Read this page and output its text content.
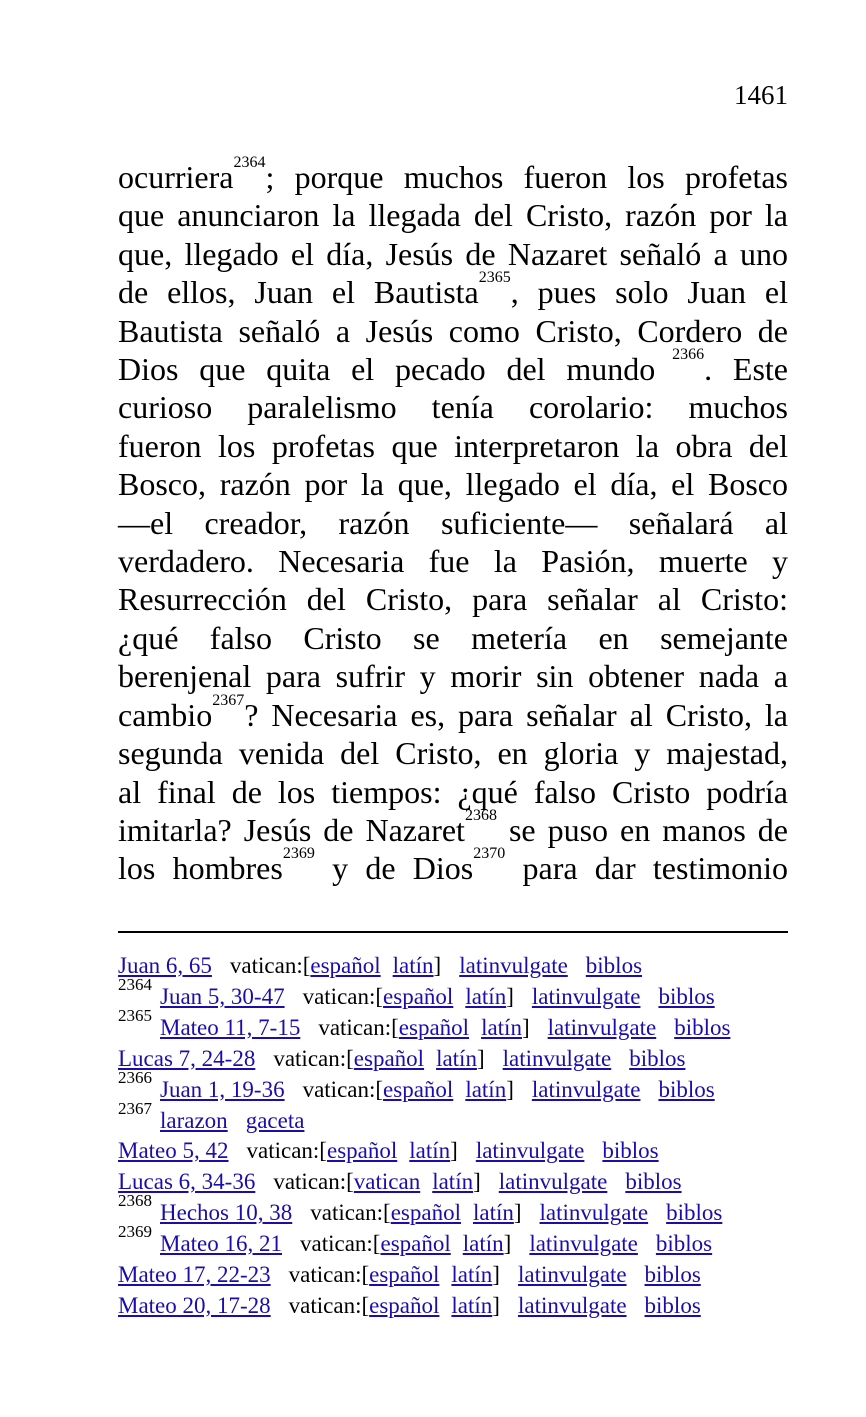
1461
ocurriera$^{2364}$; porque muchos fueron los profetas
que anunciaron la llegada del Cristo, razón por la
que, llegado el día, Jesús de Nazaret señaló a uno
de ellos, Juan el Bautista$^{2365}$, pues solo Juan el
Bautista señaló a Jesús como Cristo, Cordero de
Dios que quita el pecado del mundo $^{2366}$. Este
curioso paralelismo tenía corolario: muchos
fueron los profetas que interpretaron la obra del
Bosco, razón por la que, llegado el día, el Bosco
—el creador, razón suficiente— señalará al
verdadero. Necesaria fue la Pasión, muerte y
Resurrección del Cristo, para señalar al Cristo:
¿qué falso Cristo se metería en semejante
berenjenal para sufrir y morir sin obtener nada a
cambio$^{2367}$? Necesaria es, para señalar al Cristo, la
segunda venida del Cristo, en gloria y majestad,
al final de los tiempos: ¿qué falso Cristo podría
imitarla? Jesús de Nazaret$^{2368}$ se puso en manos de
los hombres$^{2369}$ y de Dios$^{2370}$ para dar testimonio
Juan 6, 65 vatican:[español latín] latinvulgate biblos
$^{2364}$ Juan 5, 30-47 vatican:[español latín] latinvulgate biblos
$^{2365}$ Mateo 11, 7-15 vatican:[español latín] latinvulgate biblos
Lucas 7, 24-28 vatican:[español latín] latinvulgate biblos
$^{2366}$ Juan 1, 19-36 vatican:[español latín] latinvulgate biblos
$^{2367}$ larazon gaceta
Mateo 5, 42 vatican:[español latín] latinvulgate biblos
Lucas 6, 34-36 vatican:[vatican latín] latinvulgate biblos
$^{2368}$ Hechos 10, 38 vatican:[español latín] latinvulgate biblos
$^{2369}$ Mateo 16, 21 vatican:[español latín] latinvulgate biblos
Mateo 17, 22-23 vatican:[español latín] latinvulgate biblos
Mateo 20, 17-28 vatican:[español latín] latinvulgate biblos
